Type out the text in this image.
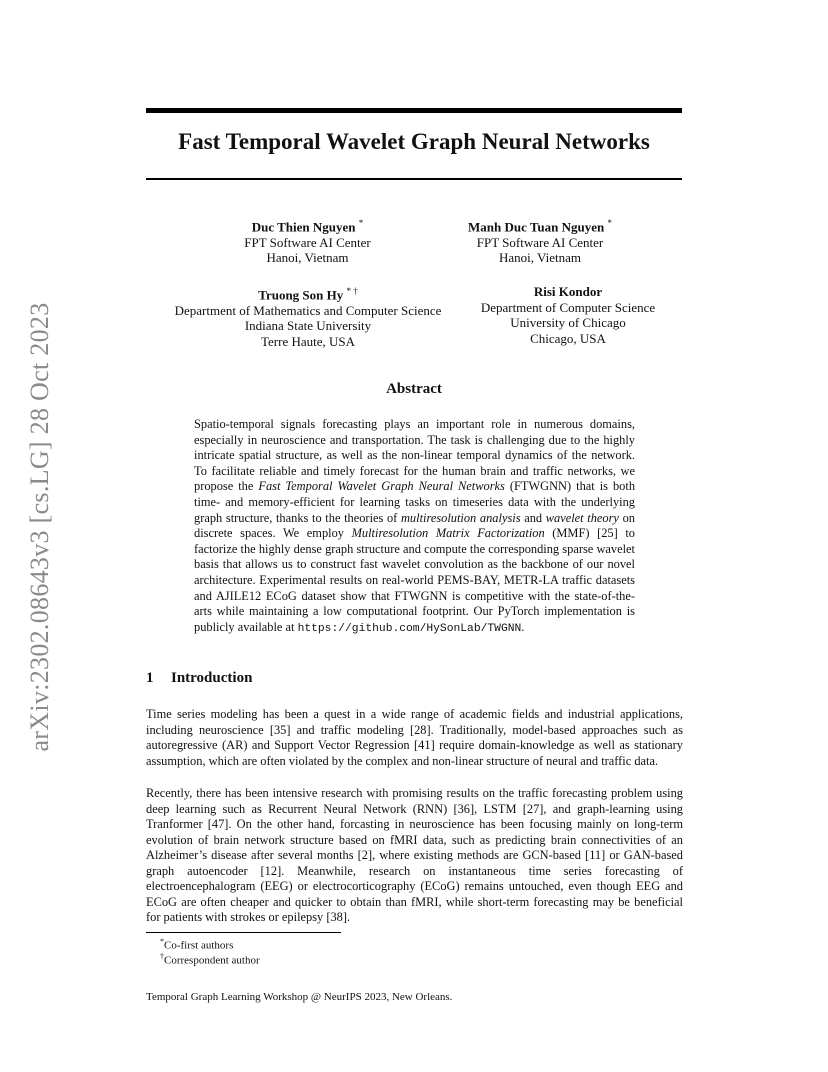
arXiv:2302.08643v3 [cs.LG] 28 Oct 2023
Fast Temporal Wavelet Graph Neural Networks
Duc Thien Nguyen *
FPT Software AI Center
Hanoi, Vietnam
Manh Duc Tuan Nguyen *
FPT Software AI Center
Hanoi, Vietnam
Truong Son Hy * †
Department of Mathematics and Computer Science
Indiana State University
Terre Haute, USA
Risi Kondor
Department of Computer Science
University of Chicago
Chicago, USA
Abstract

Spatio-temporal signals forecasting plays an important role in numerous domains, especially in neuroscience and transportation. The task is challenging due to the highly intricate spatial structure, as well as the non-linear temporal dynamics of the network. To facilitate reliable and timely forecast for the human brain and traffic networks, we propose the Fast Temporal Wavelet Graph Neural Networks (FTWGNN) that is both time- and memory-efficient for learning tasks on timeseries data with the underlying graph structure, thanks to the theories of multiresolution analysis and wavelet theory on discrete spaces. We employ Multiresolution Matrix Factorization (MMF) [25] to factorize the highly dense graph structure and compute the corresponding sparse wavelet basis that allows us to construct fast wavelet convolution as the backbone of our novel architecture. Experimental results on real-world PEMS-BAY, METR-LA traffic datasets and AJILE12 ECoG dataset show that FTWGNN is competitive with the state-of-the-arts while maintaining a low computational footprint. Our PyTorch implementation is publicly available at https://github.com/HySonLab/TWGNN.

1 Introduction

Time series modeling has been a quest in a wide range of academic fields and industrial applications, including neuroscience [35] and traffic modeling [28]. Traditionally, model-based approaches such as autoregressive (AR) and Support Vector Regression [41] require domain-knowledge as well as stationary assumption, which are often violated by the complex and non-linear structure of neural and traffic data.

Recently, there has been intensive research with promising results on the traffic forecasting problem using deep learning such as Recurrent Neural Network (RNN) [36], LSTM [27], and graph-learning using Tranformer [47]. On the other hand, forcasting in neuroscience has been focusing mainly on long-term evolution of brain network structure based on fMRI data, such as predicting brain connectivities of an Alzheimer’s disease after several months [2], where existing methods are GCN-based [11] or GAN-based graph autoencoder [12]. Meanwhile, research on instantaneous time series forecasting of electroencephalogram (EEG) or electrocorticography (ECoG) remains untouched, even though EEG and ECoG are often cheaper and quicker to obtain than fMRI, while short-term forecasting may be beneficial for patients with strokes or epilepsy [38].

*Co-first authors
†Correspondent author
Temporal Graph Learning Workshop @ NeurIPS 2023, New Orleans.
